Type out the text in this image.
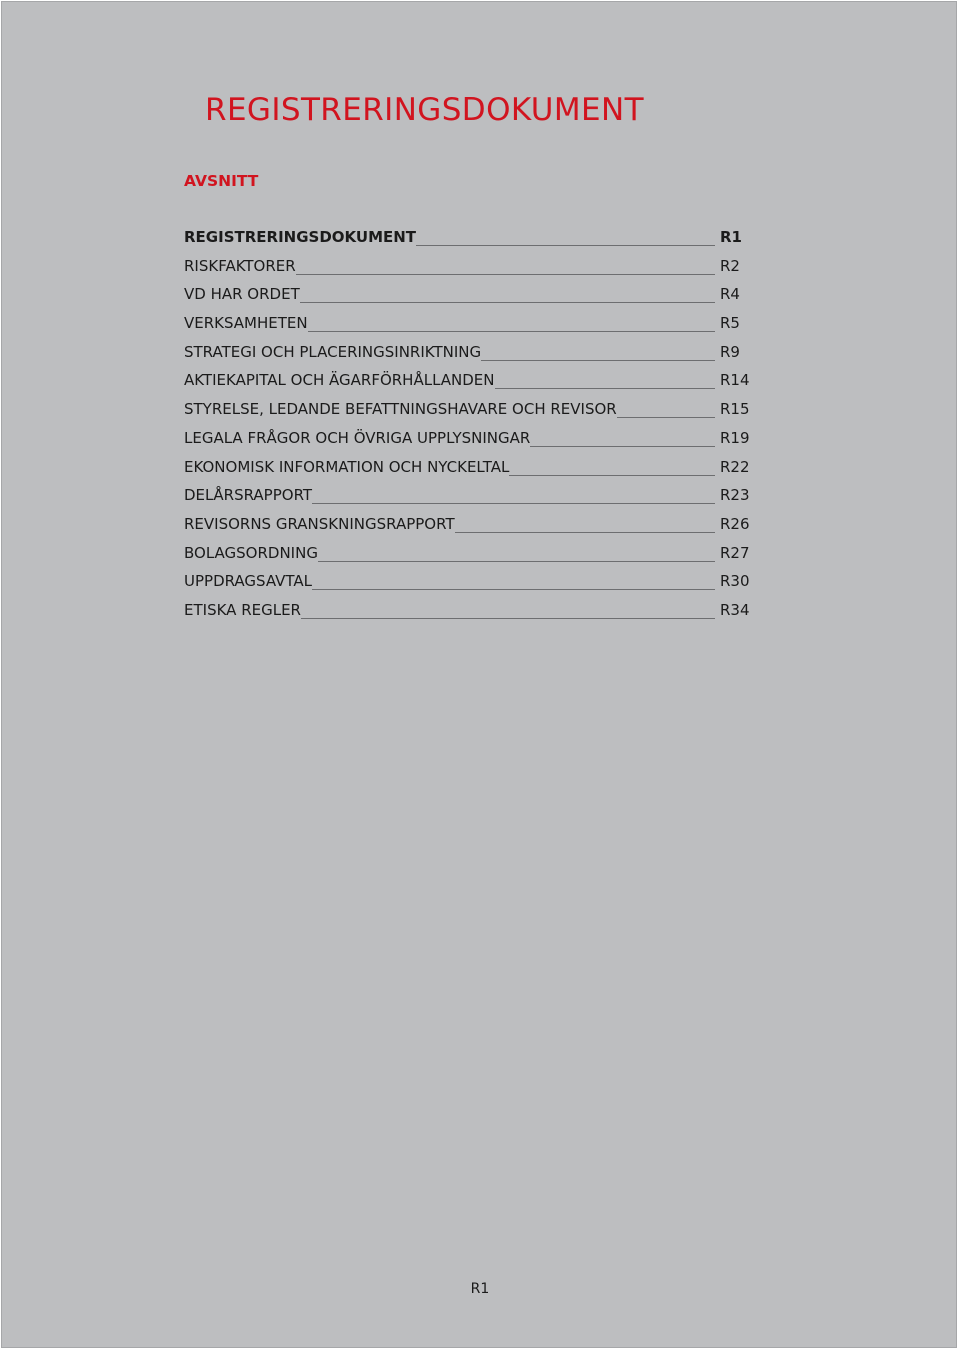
REGISTRERINGSDOKUMENT
AVSNITT
REGISTRERINGSDOKUMENT	R1
RISKFAKTORER	R2
VD HAR ORDET	R4
VERKSAMHETEN	R5
STRATEGI OCH PLACERINGSINRIKTNING	R9
AKTIEKAPITAL OCH ÄGARFÖRHÅLLANDEN	R14
STYRELSE, LEDANDE BEFATTNINGSHAVARE OCH REVISOR	R15
LEGALA FRÅGOR OCH ÖVRIGA UPPLYSNINGAR	R19
EKONOMISK INFORMATION OCH NYCKELTAL	R22
DELÅRSRAPPORT	R23
REVISORNS GRANSKNINGSRAPPORT	R26
BOLAGSORDNING	R27
UPPDRAGSAVTAL	R30
ETISKA REGLER	R34
R1
